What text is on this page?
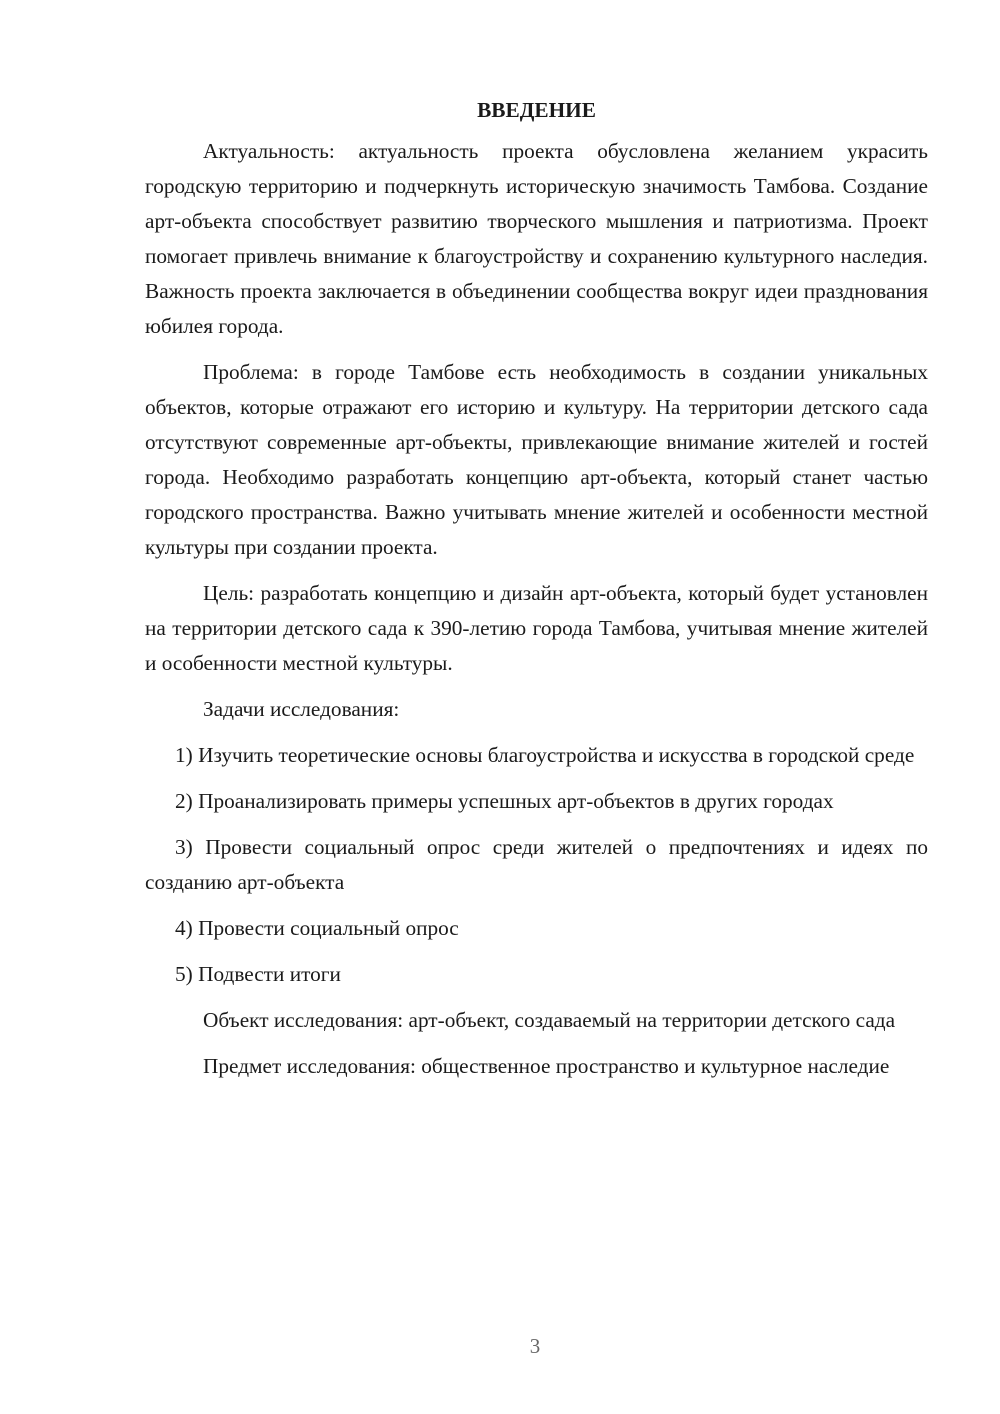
ВВЕДЕНИЕ

Актуальность: актуальность проекта обусловлена желанием украсить городскую территорию и подчеркнуть историческую значимость Тамбова. Создание арт-объекта способствует развитию творческого мышления и патриотизма. Проект помогает привлечь внимание к благоустройству и сохранению культурного наследия. Важность проекта заключается в объединении сообщества вокруг идеи празднования юбилея города.

Проблема: в городе Тамбове есть необходимость в создании уникальных объектов, которые отражают его историю и культуру. На территории детского сада отсутствуют современные арт-объекты, привлекающие внимание жителей и гостей города. Необходимо разработать концепцию арт-объекта, который станет частью городского пространства. Важно учитывать мнение жителей и особенности местной культуры при создании проекта.

Цель: разработать концепцию и дизайн арт-объекта, который будет установлен на территории детского сада к 390-летию города Тамбова, учитывая мнение жителей и особенности местной культуры.

Задачи исследования:

1) Изучить теоретические основы благоустройства и искусства в городской среде

2) Проанализировать примеры успешных арт-объектов в других городах

3) Провести социальный опрос среди жителей о предпочтениях и идеях по созданию арт-объекта

4) Провести социальный опрос

5) Подвести итоги

Объект исследования: арт-объект, создаваемый на территории детского сада

Предмет исследования: общественное пространство и культурное наследие

3
